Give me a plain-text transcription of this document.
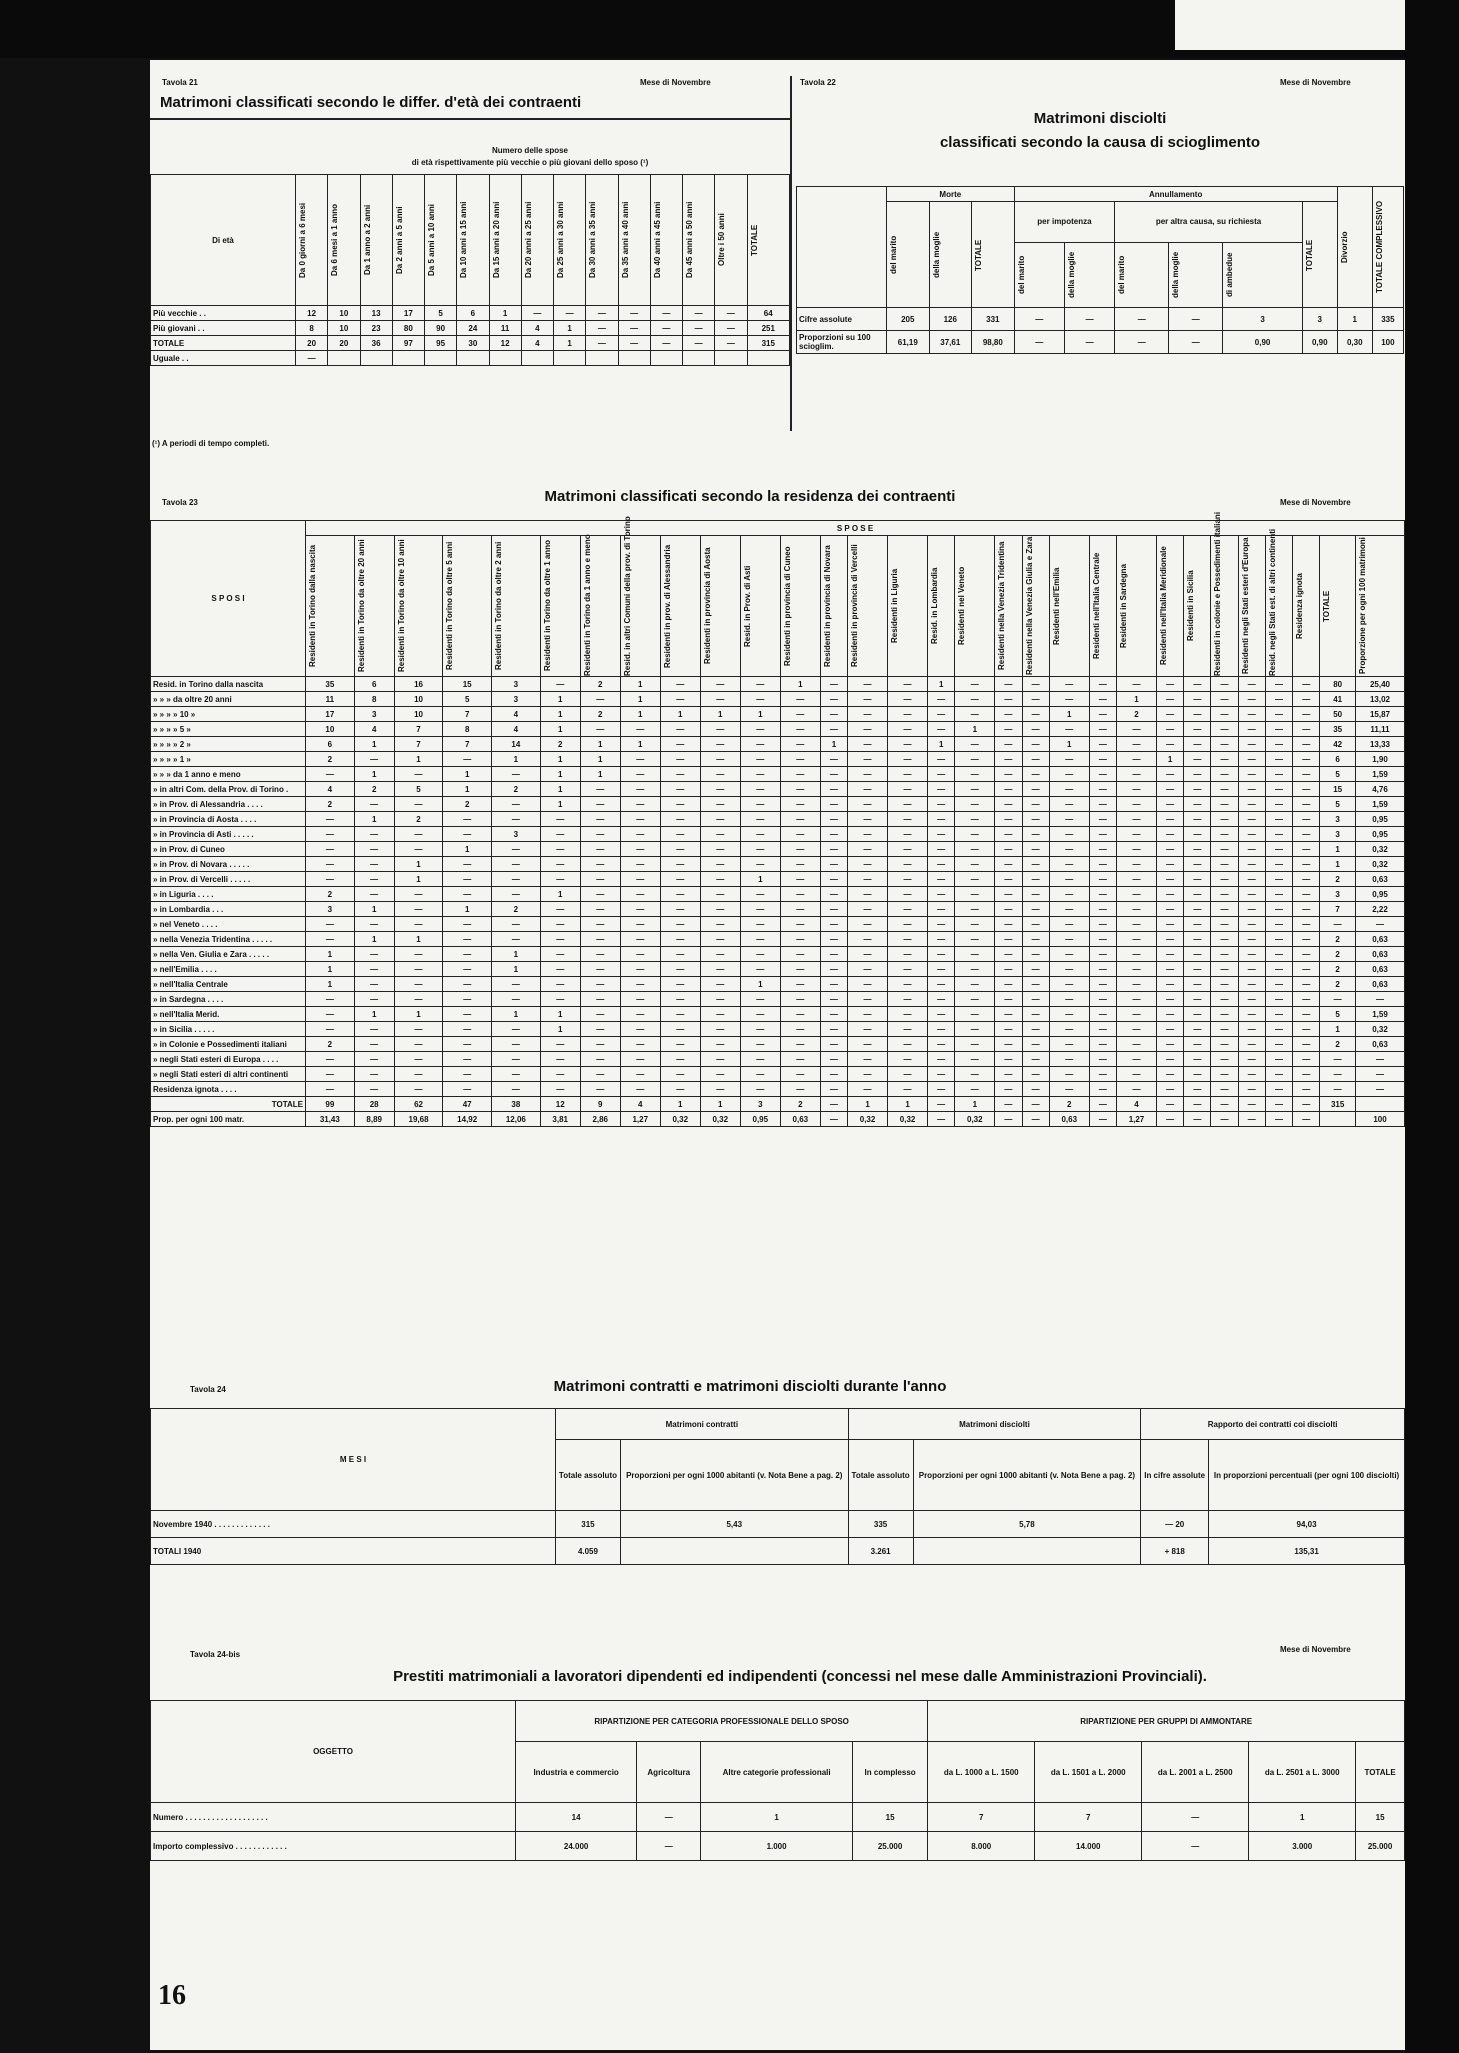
Tavola 21	Mese di Novembre
Matrimoni classificati secondo le differ. d'età dei contraenti
Numero delle spose
di età rispettivamente più vecchie o più giovani dello sposo (¹)
Di età	Da 0 giorni a 6 mesi	Da 6 mesi a 1 anno	Da 1 anno a 2 anni	Da 2 anni a 5 anni	Da 5 anni a 10 anni	Da 10 anni a 15 anni	Da 15 anni a 20 anni	Da 20 anni a 25 anni	Da 25 anni a 30 anni	Da 30 anni a 35 anni	Da 35 anni a 40 anni	Da 40 anni a 45 anni	Da 45 anni a 50 anni	Oltre i 50 anni	TOTALE

Più vecchie . .	12	10	13	17	5	6	1	—	—	—	—	—	—	—	64
Più giovani . .	8	10	23	80	90	24	11	4	1	—	—	—	—	—	251
TOTALE	20	20	36	97	95	30	12	4	1	—	—	—	—	—	315
Uguale . .	—														
(¹) A periodi di tempo completi.
Tavola 22	Mese di Novembre
Matrimoni disciolti
classificati secondo la causa di scioglimento
	Morte			Annullamento						Divorzio	TOTALE COMPLESSIVO

	del marito	della moglie	TOTALE	per impotenza		per altra causa, su richiesta			TOTALE		

				del marito	della moglie	del marito	della moglie	di ambedue			

Cifre assolute	205	126	331	—	—	—	—	3	3	1	335
Proporzioni su 100 scioglim.	61,19	37,61	98,80	—	—	—	—	0,90	0,90	0,30	100
Tavola 23	Mese di Novembre
Matrimoni classificati secondo la residenza dei contraenti
S P O S I	S P O S E																													

	Residenti in Torino dalla nascita	Residenti in Torino da oltre 20 anni	Residenti in Torino da oltre 10 anni	Residenti in Torino da oltre 5 anni	Residenti in Torino da oltre 2 anni	Residenti in Torino da oltre 1 anno	Residenti in Torino da 1 anno e meno	Resid. in altri Comuni della prov. di Torino	Residenti in prov. di Alessandria	Residenti in provincia di Aosta	Resid. in Prov. di Asti	Residenti in provincia di Cuneo	Residenti in provincia di Novara	Residenti in provincia di Vercelli	Residenti in Liguria	Resid. in Lombardia	Residenti nel Veneto	Residenti nella Venezia Tridentina	Residenti nella Venezia Giulia e Zara	Residenti nell'Emilia	Residenti nell'Italia Centrale	Residenti in Sardegna	Residenti nell'Italia Meridionale	Residenti in Sicilia	Residenti in colonie e Possedimenti italiani	Residenti negli Stati esteri d'Europa	Resid. negli Stati est. di altri continenti	Residenza ignota	TOTALE	Proporzione per ogni 100 matrimoni

Resid. in Torino dalla nascita	35	6	16	15	3	—	2	1	—	—	—	1	—	—	—	1	—	—	—	—	—	—	—	—	—	—	—	—	80	25,40
» » » da oltre 20 anni	11	8	10	5	3	1	—	1	—	—	—	—	—	—	—	—	—	—	—	—	—	1	—	—	—	—	—	—	41	13,02
» » » » 10 »	17	3	10	7	4	1	2	1	1	1	1	—	—	—	—	—	—	—	—	1	—	2	—	—	—	—	—	—	50	15,87
» » » » 5 »	10	4	7	8	4	1	—	—	—	—	—	—	—	—	—	—	1	—	—	—	—	—	—	—	—	—	—	—	35	11,11
» » » » 2 »	6	1	7	7	14	2	1	1	—	—	—	—	1	—	—	1	—	—	—	1	—	—	—	—	—	—	—	—	42	13,33
» » » » 1 »	2	—	1	—	1	1	1	—	—	—	—	—	—	—	—	—	—	—	—	—	—	—	1	—	—	—	—	—	6	1,90
» » » da 1 anno e meno	—	1	—	1	—	1	1	—	—	—	—	—	—	—	—	—	—	—	—	—	—	—	—	—	—	—	—	—	5	1,59
» in altri Com. della Prov. di Torino .	4	2	5	1	2	1	—	—	—	—	—	—	—	—	—	—	—	—	—	—	—	—	—	—	—	—	—	—	15	4,76
» in Prov. di Alessandria . . . .	2	—	—	2	—	1	—	—	—	—	—	—	—	—	—	—	—	—	—	—	—	—	—	—	—	—	—	—	5	1,59
» in Provincia di Aosta . . . .	—	1	2	—	—	—	—	—	—	—	—	—	—	—	—	—	—	—	—	—	—	—	—	—	—	—	—	—	3	0,95
» in Provincia di Asti . . . . .	—	—	—	—	3	—	—	—	—	—	—	—	—	—	—	—	—	—	—	—	—	—	—	—	—	—	—	—	3	0,95
» in Prov. di Cuneo	—	—	—	1	—	—	—	—	—	—	—	—	—	—	—	—	—	—	—	—	—	—	—	—	—	—	—	—	1	0,32
» in Prov. di Novara . . . . .	—	—	1	—	—	—	—	—	—	—	—	—	—	—	—	—	—	—	—	—	—	—	—	—	—	—	—	—	1	0,32
» in Prov. di Vercelli . . . . .	—	—	1	—	—	—	—	—	—	—	1	—	—	—	—	—	—	—	—	—	—	—	—	—	—	—	—	—	2	0,63
» in Liguria . . . .	2	—	—	—	—	1	—	—	—	—	—	—	—	—	—	—	—	—	—	—	—	—	—	—	—	—	—	—	3	0,95
» in Lombardia . . .	3	1	—	1	2	—	—	—	—	—	—	—	—	—	—	—	—	—	—	—	—	—	—	—	—	—	—	—	7	2,22
» nel Veneto . . . .	—	—	—	—	—	—	—	—	—	—	—	—	—	—	—	—	—	—	—	—	—	—	—	—	—	—	—	—	—	—
» nella Venezia Tridentina . . . . .	—	1	1	—	—	—	—	—	—	—	—	—	—	—	—	—	—	—	—	—	—	—	—	—	—	—	—	—	2	0,63
» nella Ven. Giulia e Zara . . . . .	1	—	—	—	1	—	—	—	—	—	—	—	—	—	—	—	—	—	—	—	—	—	—	—	—	—	—	—	2	0,63
» nell'Emilia . . . .	1	—	—	—	1	—	—	—	—	—	—	—	—	—	—	—	—	—	—	—	—	—	—	—	—	—	—	—	2	0,63
» nell'Italia Centrale	1	—	—	—	—	—	—	—	—	—	1	—	—	—	—	—	—	—	—	—	—	—	—	—	—	—	—	—	2	0,63
» in Sardegna . . . .	—	—	—	—	—	—	—	—	—	—	—	—	—	—	—	—	—	—	—	—	—	—	—	—	—	—	—	—	—	—
» nell'Italia Merid.	—	1	1	—	1	1	—	—	—	—	—	—	—	—	—	—	—	—	—	—	—	—	—	—	—	—	—	—	5	1,59
» in Sicilia . . . . .	—	—	—	—	—	1	—	—	—	—	—	—	—	—	—	—	—	—	—	—	—	—	—	—	—	—	—	—	1	0,32
» in Colonie e Possedimenti italiani	2	—	—	—	—	—	—	—	—	—	—	—	—	—	—	—	—	—	—	—	—	—	—	—	—	—	—	—	2	0,63
» negli Stati esteri di Europa . . . .	—	—	—	—	—	—	—	—	—	—	—	—	—	—	—	—	—	—	—	—	—	—	—	—	—	—	—	—	—	—
» negli Stati esteri di altri continenti	—	—	—	—	—	—	—	—	—	—	—	—	—	—	—	—	—	—	—	—	—	—	—	—	—	—	—	—	—	—
Residenza ignota . . . .	—	—	—	—	—	—	—	—	—	—	—	—	—	—	—	—	—	—	—	—	—	—	—	—	—	—	—	—	—	—
TOTALE	99	28	62	47	38	12	9	4	1	1	3	2	—	1	1	—	1	—	—	2	—	4	—	—	—	—	—	—	315	
Prop. per ogni 100 matr.	31,43	8,89	19,68	14,92	12,06	3,81	2,86	1,27	0,32	0,32	0,95	0,63	—	0,32	0,32	—	0,32	—	—	0,63	—	1,27	—	—	—	—	—	—		100
Tavola 24	Matrimoni contratti e matrimoni disciolti durante l'anno
M E S I	Matrimoni contratti		Matrimoni disciolti		Rapporto dei contratti coi disciolti	
	Totale assoluto	Proporzioni per ogni 1000 abitanti (v. Nota Bene a pag. 2)	Totale assoluto	Proporzioni per ogni 1000 abitanti (v. Nota Bene a pag. 2)	In cifre assolute	In proporzioni percentuali (per ogni 100 disciolti)
Novembre 1940 . . . . . . . . . . . . .	315	5,43	335	5,78	— 20	94,03
TOTALI 1940	4.059		3.261		+ 818	135,31
Tavola 24-bis
Mese di Novembre
Prestiti matrimoniali a lavoratori dipendenti ed indipendenti (concessi nel mese dalle Amministrazioni Provinciali).
OGGETTO	RIPARTIZIONE PER CATEGORIA PROFESSIONALE DELLO SPOSO				RIPARTIZIONE PER GRUPPI DI AMMONTARE				
	Industria e commercio	Agricoltura	Altre categorie professionali	In complesso	da L. 1000 a L. 1500	da L. 1501 a L. 2000	da L. 2001 a L. 2500	da L. 2501 a L. 3000	TOTALE
Numero . . . . . . . . . . . . . . . . . . .	14	—	1	15	7	7	—	1	15
Importo complessivo . . . . . . . . . . . .	24.000	—	1.000	25.000	8.000	14.000	—	3.000	25.000
16
